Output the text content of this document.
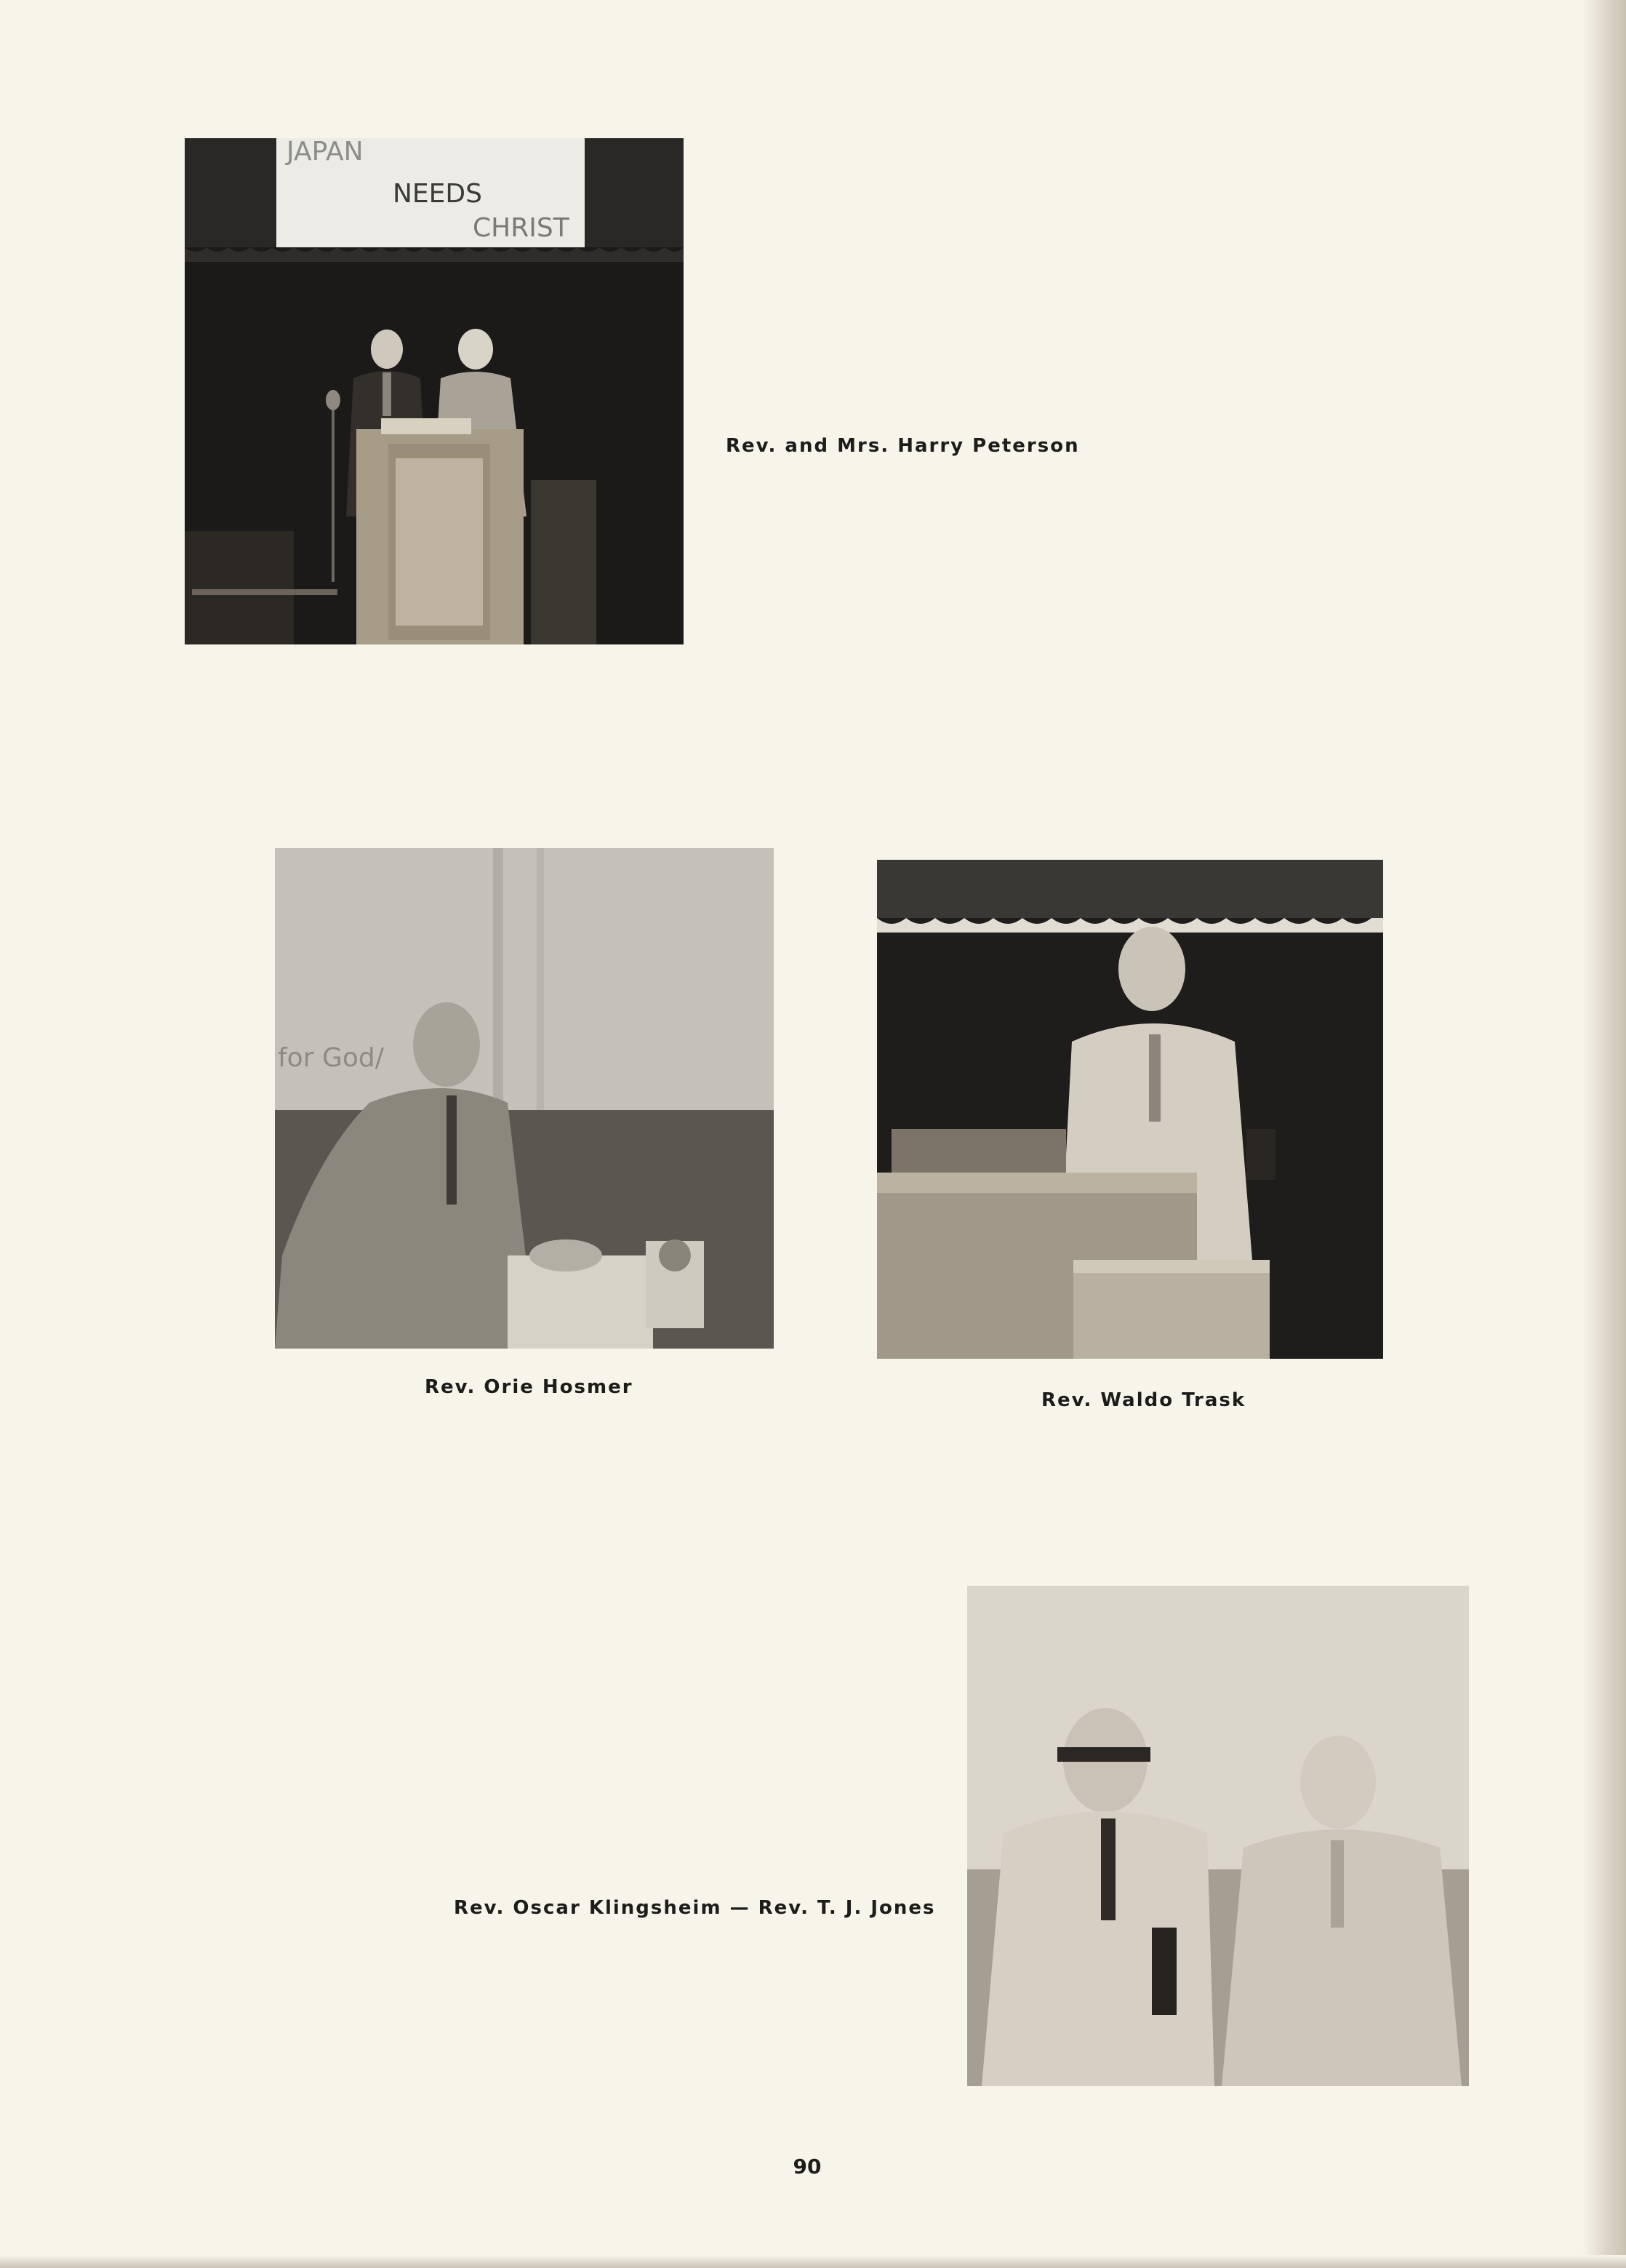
JAPAN
NEEDS
CHRIST
Rev. and Mrs. Harry Peterson
for God/
Rev. Orie Hosmer
Rev. Waldo Trask
Rev. Oscar Klingsheim — Rev. T. J. Jones
90
